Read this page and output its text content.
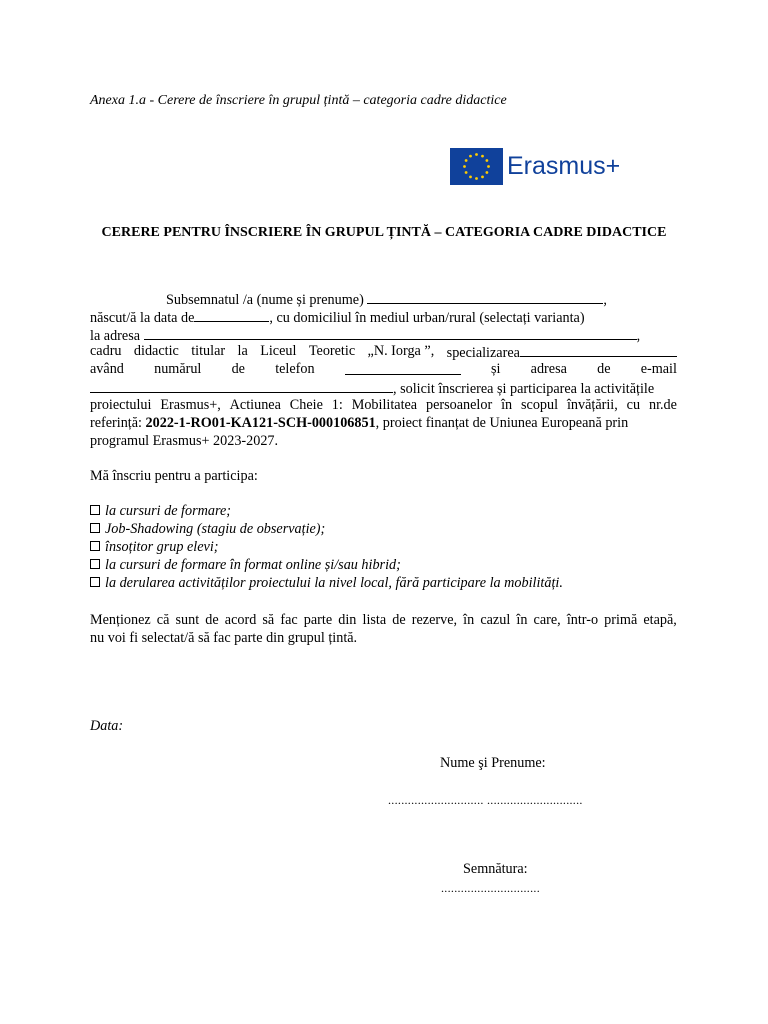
Anexa 1.a - Cerere de înscriere în grupul țintă – categoria cadre didactice
Erasmus+
CERERE PENTRU ÎNSCRIERE ÎN GRUPUL ȚINTĂ – CATEGORIA CADRE DIDACTICE
Subsemnatul /a (nume și prenume)	,
născut/ă la data de	, cu domiciliul în mediul urban/rural (selectați varianta)
la adresa	,
cadru didactic titular la Liceul Teoretic „N. Iorga ”, specializarea
având numărul de telefon	și adresa de e-mail
, solicit înscrierea și participarea la activitățile
proiectului Erasmus+, Actiunea Cheie 1: Mobilitatea persoanelor în scopul învățării, cu nr.de
referință: 2022-1-RO01-KA121-SCH-000106851, proiect finanțat de Uniunea Europeană prin
programul Erasmus+ 2023-2027.
Mă înscriu pentru a participa:
la cursuri de formare;
Job-Shadowing (stagiu de observație);
însoțitor grup elevi;
la cursuri de formare în format online și/sau hibrid;
la derularea activităților proiectului la nivel local, fără participare la mobilități.
Menționez că sunt de acord să fac parte din lista de rezerve, în cazul în care, într-o primă etapă,
nu voi fi selectat/ă să fac parte din grupul țintă.
Data:
Nume şi Prenume:
............................. .............................
Semnătura:
..............................
